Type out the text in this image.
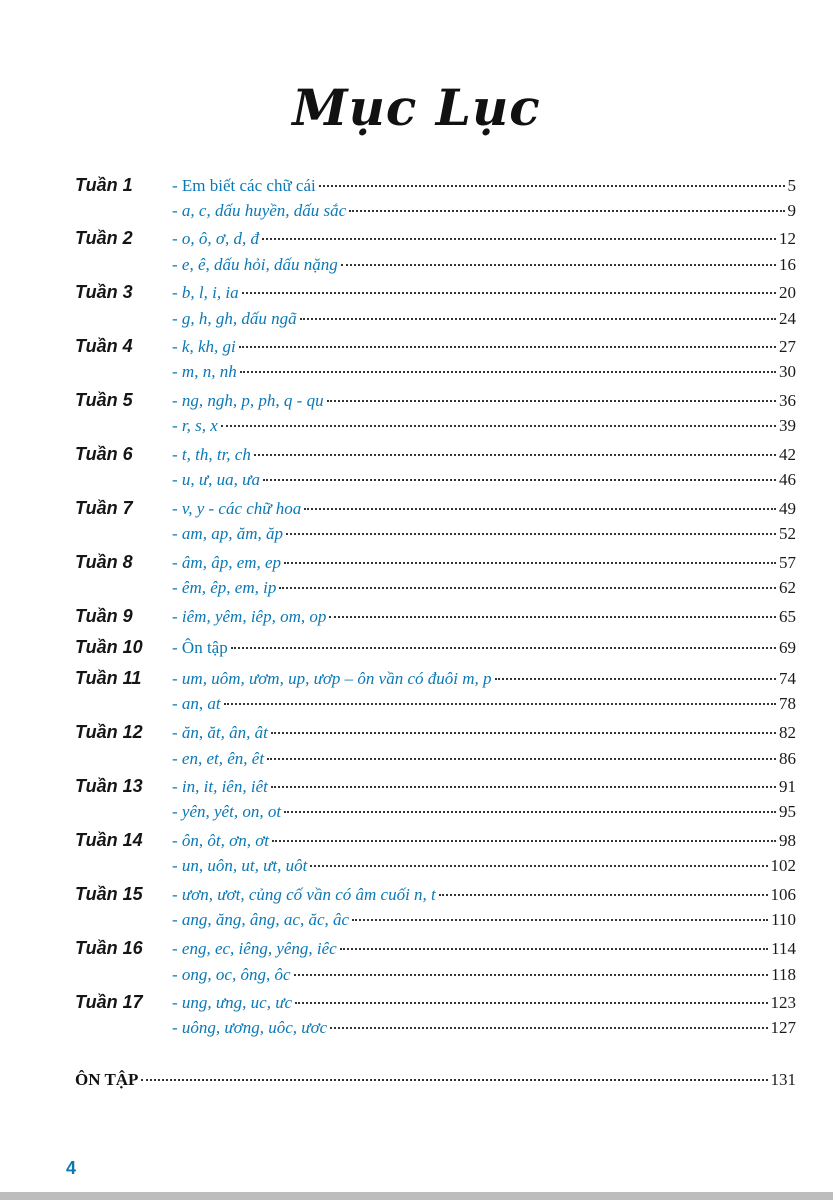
Mục Lục
Tuần 1 - Em biết các chữ cái	5
- a, c, dấu huyền, dấu sắc	9
Tuần 2 - o, ô, ơ, d, đ	12
- e, ê, dấu hỏi, dấu nặng	16
Tuần 3 - b, l, i, ia	20
- g, h, gh, dấu ngã	24
Tuần 4 - k, kh, gi	27
- m, n, nh	30
Tuần 5 - ng, ngh, p, ph, q - qu	36
- r, s, x	39
Tuần 6 - t, th, tr, ch	42
- u, ư, ua, ưa	46
Tuần 7 - v, y - các chữ hoa	49
- am, ap, ăm, ăp	52
Tuần 8 - âm, âp, em, ep	57
- êm, êp, em, ip	62
Tuần 9 - iêm, yêm, iêp, om, op	65
Tuần 10 - Ôn tập	69
Tuần 11 - um, uôm, ươm, up, ươp – ôn vần có đuôi m, p	74
- an, at	78
Tuần 12 - ăn, ăt, ân, ât	82
- en, et, ên, êt	86
Tuần 13 - in, it, iên, iêt	91
- yên, yêt, on, ot	95
Tuần 14 - ôn, ôt, ơn, ơt	98
- un, uôn, ut, ưt, uôt	102
Tuần 15 - ươn, ươt, củng cố vần có âm cuối n, t	106
- ang, ăng, âng, ac, ăc, âc	110
Tuần 16 - eng, ec, iêng, yêng, iêc	114
- ong, oc, ông, ôc	118
Tuần 17 - ung, ưng, uc, ưc	123
- uông, ương, uôc, ươc	127
ÔN TẬP	131
4
